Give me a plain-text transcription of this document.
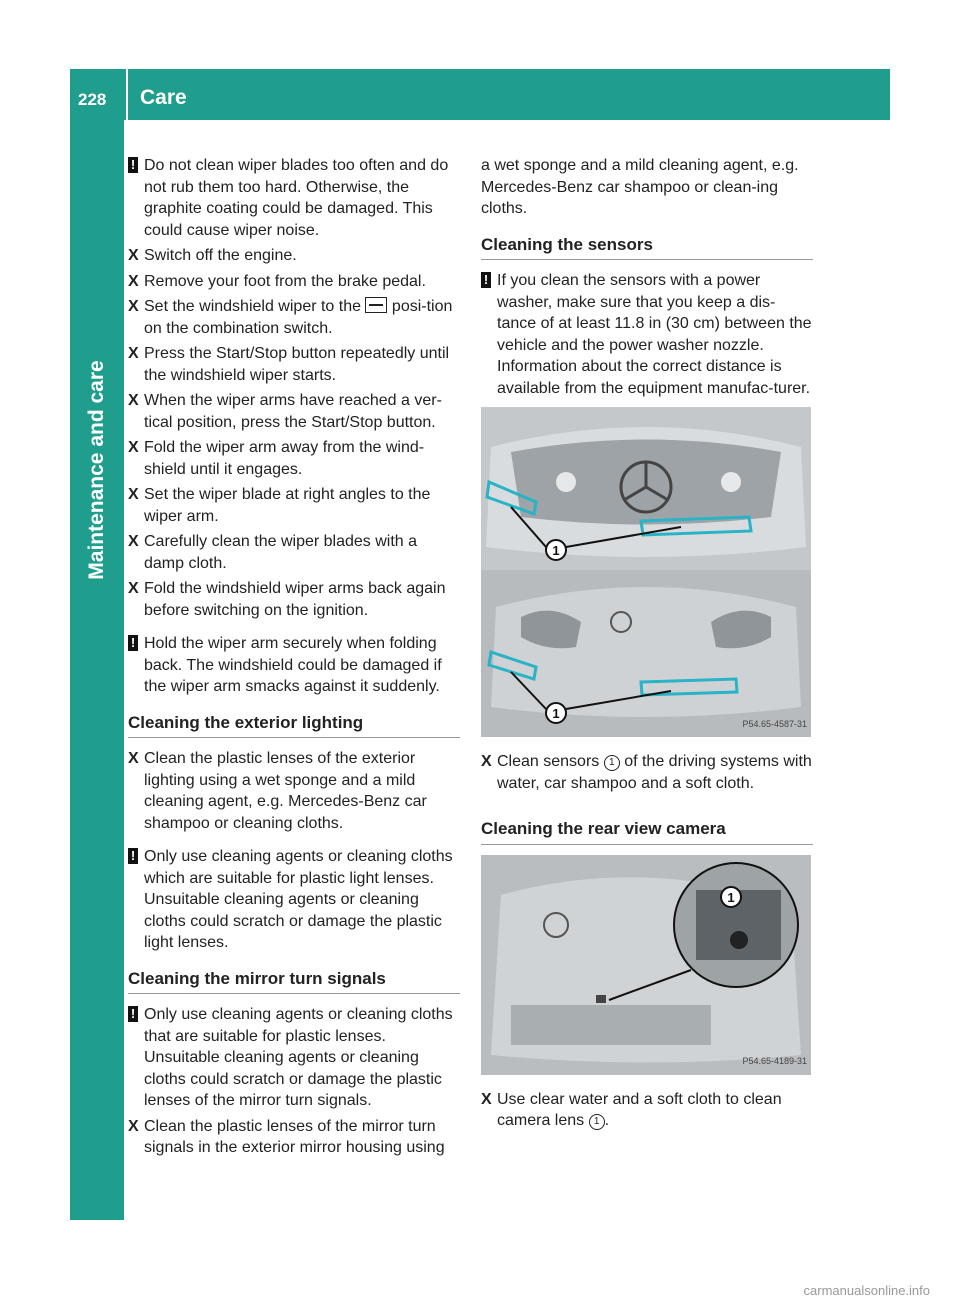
228 Care
Maintenance and care
! Do not clean wiper blades too often and do not rub them too hard. Otherwise, the graphite coating could be damaged. This could cause wiper noise.
X Switch off the engine.
X Remove your foot from the brake pedal.
X Set the windshield wiper to the posi-tion on the combination switch.
X Press the Start/Stop button repeatedly until the windshield wiper starts.
X When the wiper arms have reached a ver-tical position, press the Start/Stop button.
X Fold the wiper arm away from the wind-shield until it engages.
X Set the wiper blade at right angles to the wiper arm.
X Carefully clean the wiper blades with a damp cloth.
X Fold the windshield wiper arms back again before switching on the ignition.
! Hold the wiper arm securely when folding back. The windshield could be damaged if the wiper arm smacks against it suddenly.
Cleaning the exterior lighting
X Clean the plastic lenses of the exterior lighting using a wet sponge and a mild cleaning agent, e.g. Mercedes-Benz car shampoo or cleaning cloths.
! Only use cleaning agents or cleaning cloths which are suitable for plastic light lenses. Unsuitable cleaning agents or cleaning cloths could scratch or damage the plastic light lenses.
Cleaning the mirror turn signals
! Only use cleaning agents or cleaning cloths that are suitable for plastic lenses. Unsuitable cleaning agents or cleaning cloths could scratch or damage the plastic lenses of the mirror turn signals.
X Clean the plastic lenses of the mirror turn signals in the exterior mirror housing using
a wet sponge and a mild cleaning agent, e.g. Mercedes-Benz car shampoo or clean-ing cloths.
Cleaning the sensors
! If you clean the sensors with a power washer, make sure that you keep a dis-tance of at least 11.8 in (30 cm) between the vehicle and the power washer nozzle. Information about the correct distance is available from the equipment manufac-turer.
1
1
P54.65-4587-31
X Clean sensors 1 of the driving systems with water, car shampoo and a soft cloth.
Cleaning the rear view camera
1
P54.65-4189-31
X Use clear water and a soft cloth to clean camera lens 1 .
carmanualsonline.info
